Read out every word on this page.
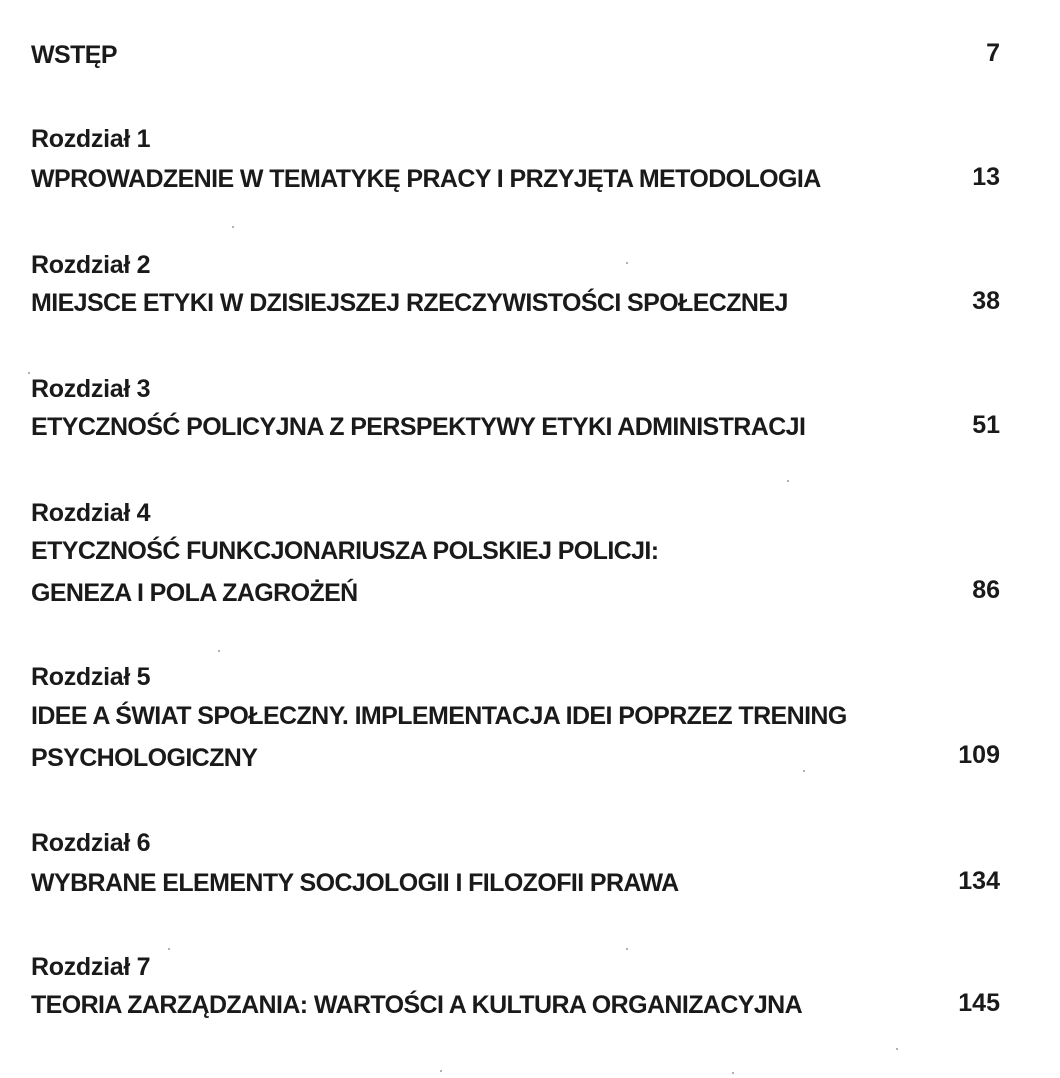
WSTĘP	7
Rozdział 1
WPROWADZENIE W TEMATYKĘ PRACY I PRZYJĘTA METODOLOGIA	13
Rozdział 2
MIEJSCE ETYKI W DZISIEJSZEJ RZECZYWISTOŚCI SPOŁECZNEJ	38
Rozdział 3
ETYCZNOŚĆ POLICYJNA Z PERSPEKTYWY ETYKI ADMINISTRACJI	51
Rozdział 4
ETYCZNOŚĆ FUNKCJONARIUSZA POLSKIEJ POLICJI:
GENEZA I POLA ZAGROŻEŃ	86
Rozdział 5
IDEE A ŚWIAT SPOŁECZNY. IMPLEMENTACJA IDEI POPRZEZ TRENING
PSYCHOLOGICZNY	109
Rozdział 6
WYBRANE ELEMENTY SOCJOLOGII I FILOZOFII PRAWA	134
Rozdział 7
TEORIA ZARZĄDZANIA: WARTOŚCI A KULTURA ORGANIZACYJNA	145
